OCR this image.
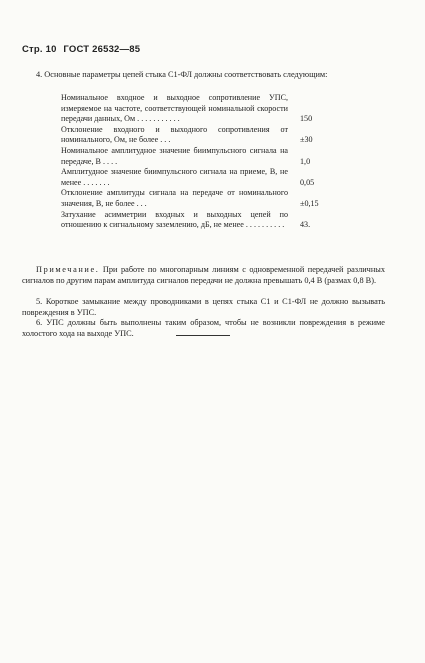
Стр. 10 ГОСТ 26532—85
4. Основные параметры цепей стыка С1-ФЛ должны соответствовать следующим:
Номинальное входное и выходное сопротивление УПС, измеряемое на частоте, соответствующей номинальной скорости передачи данных, Ом . . . . . . . . . . .	150
Отклонение входного и выходного сопротивления от номинального, Ом, не более . . .	±30
Номинальное амплитудное значение биимпульсного сигнала на передаче, В . . . .	1,0
Амплитудное значение биимпульсного сигнала на приеме, В, не менее . . . . . . .	0,05
Отклонение амплитуды сигнала на передаче от номинального значения, В, не более . . .	±0,15
Затухание асимметрии входных и выходных цепей по отношению к сигнальному заземлению, дБ, не менее . . . . . . . . . .	43.
Примечание. При работе по многопарным линиям с одновременной передачей различных сигналов по другим парам амплитуда сигналов передачи не должна превышать 0,4 В (размах 0,8 В).
5. Короткое замыкание между проводниками в цепях стыка С1 и С1-ФЛ не должно вызывать повреждения в УПС.
6. УПС должны быть выполнены таким образом, чтобы не возникли повреждения в режиме холостого хода на выходе УПС.
